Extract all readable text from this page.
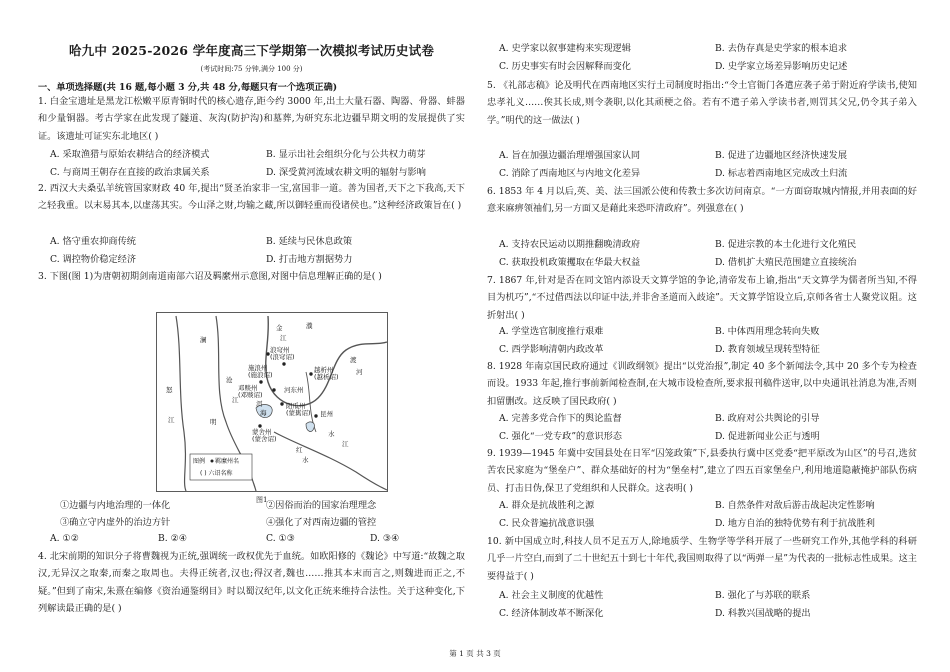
哈九中 2025-2026 学年度高三下学期第一次模拟考试历史试卷
(考试时间:75 分钟,满分 100 分)
一、单项选择题(共 16 题,每小题 3 分,共 48 分,每题只有一个选项正确)

1. 白金宝遗址是黑龙江松嫩平原青铜时代的核心遗存,距今约 3000 年,出土大量石器、陶器、骨器、蚌器和少量铜器。考古学家在此发现了隧道、灰沟(防护沟)和墓葬,为研究东北边疆早期文明的发展提供了实证。该遗址可证实东北地区( )

A. 采取渔猎与原始农耕结合的经济模式	B. 显示出社会组织分化与公共权力萌芽
C. 与商周王朝存在直接的政治隶属关系	D. 深受黄河流域农耕文明的辐射与影响

2. 西汉大夫桑弘羊统管国家财政 40 年,提出“贤圣治家非一宝,富国非一道。善为国者,天下之下我高,天下之轻我重。以末易其本,以虚荡其实。今山泽之财,均输之藏,所以御轻重而役诸侯也。”这种经济政策旨在( )

A. 恪守重农抑商传统	B. 延续与民休息政策
C. 调控物价稳定经济	D. 打击地方割据势力

3. 下图(图 1)为唐朝初期剑南道南部六诏及羁縻州示意图,对图中信息理解正确的是( )

濮
金
江
澜
怒
江
沧
江
渡
河
水
江
浪穹州
(浪穹诏)
施浪州
(施浪诏)
越析州
(越析诏)
河东州
邓赕州
(邓赕诏)
阳瓜州
(蒙嶲诏)
蒙舍州
(蒙舍诏)
昆州
洱
海
明
红
水
图例 羁縻州名
( ) 六诏名称
图1
①边疆与内地治理的一体化	②因俗而治的国家治理理念
③确立守内虚外的治边方针	④强化了对西南边疆的管控
A. ①②	B. ②④	C. ①③	D. ③④

4. 北宋前期的知识分子将曹魏视为正统,强调统一政权优先于血统。如欧阳修的《魏论》中写道:“故魏之取汉,无异汉之取秦,而秦之取周也。夫得正统者,汉也;得汉者,魏也……推其本末而言之,则魏进而正之,不疑。”但到了南宋,朱熹在编修《资治通鉴纲目》时以蜀汉纪年,以文化正统来维持合法性。关于这种变化,下列解读最正确的是( )

A. 史学家以叙事建构来实现逻辑	B. 去伪存真是史学家的根本追求
C. 历史事实有时会因解释而变化	D. 史学家立场差异影响历史记述

5. 《礼部志稿》论及明代在西南地区实行土司制度时指出:“令土官衙门各遣应袭子弟于附近府学读书,使知忠孝礼义……俟其长成,则令袭职,以化其顽梗之俗。若有不遣子弟入学读书者,则罚其父兄,仍令其子弟入学。”明代的这一做法( )

A. 旨在加强边疆治理增强国家认同	B. 促进了边疆地区经济快速发展
C. 消除了西南地区与内地文化差异	D. 标志着西南地区完成改土归流

6. 1853 年 4 月以后,英、美、法三国派公使和传教士多次访问南京。“一方面窃取城内情报,并用表面的好意来麻痹领袖们,另一方面又是藉此来恐吓清政府”。列强意在( )

A. 支持农民运动以期推翻晚清政府	B. 促进宗教的本土化进行文化殖民
C. 获取投机政策攫取在华最大权益	D. 借机扩大殖民范围建立直接统治

7. 1867 年,针对是否在同文馆内添设天文算学馆的争论,清帝发布上谕,指出“天文算学为儒者所当知,不得目为机巧”,“不过借西法以印证中法,并非舍圣道而入歧途”。天文算学馆设立后,京师各省士人聚党议阻。这折射出( )

A. 学堂选官制度推行艰难	B. 中体西用理念转向失败
C. 西学影响清朝内政改革	D. 教育领域呈现转型特征

8. 1928 年南京国民政府通过《训政纲领》提出“以党治报”,制定 40 多个新闻法令,其中 20 多个专为检查而设。1933 年起,推行事前新闻检查制,在大城市设检查所,要求报刊稿件送审,以中央通讯社消息为准,否则扣留删改。这反映了国民政府( )

A. 完善多党合作下的舆论监督	B. 政府对公共舆论的引导
C. 强化“一党专政”的意识形态	D. 促进新闻业公正与透明

9. 1939—1945 年冀中安国县处在日军“囚笼政策”下,县委执行冀中区党委“把平原改为山区”的号召,选贫苦农民家庭为“堡垒户”、群众基础好的村为“堡垒村”,建立了四五百家堡垒户,利用地道隐蔽掩护部队伤病员、打击日伪,保卫了党组织和人民群众。这表明( )

A. 群众是抗战胜利之源	B. 自然条件对敌后游击战起决定性影响
C. 民众普遍抗战意识强	D. 地方自治的独特优势有利于抗战胜利

10. 新中国成立时,科技人员不足五万人,除地质学、生物学等学科开展了一些研究工作外,其他学科的科研几乎一片空白,而到了二十世纪五十到七十年代,我国则取得了以“两弹一星”为代表的一批标志性成果。这主要得益于( )

A. 社会主义制度的优越性	B. 强化了与苏联的联系
C. 经济体制改革不断深化	D. 科教兴国战略的提出
第 1 页 共 3 页
